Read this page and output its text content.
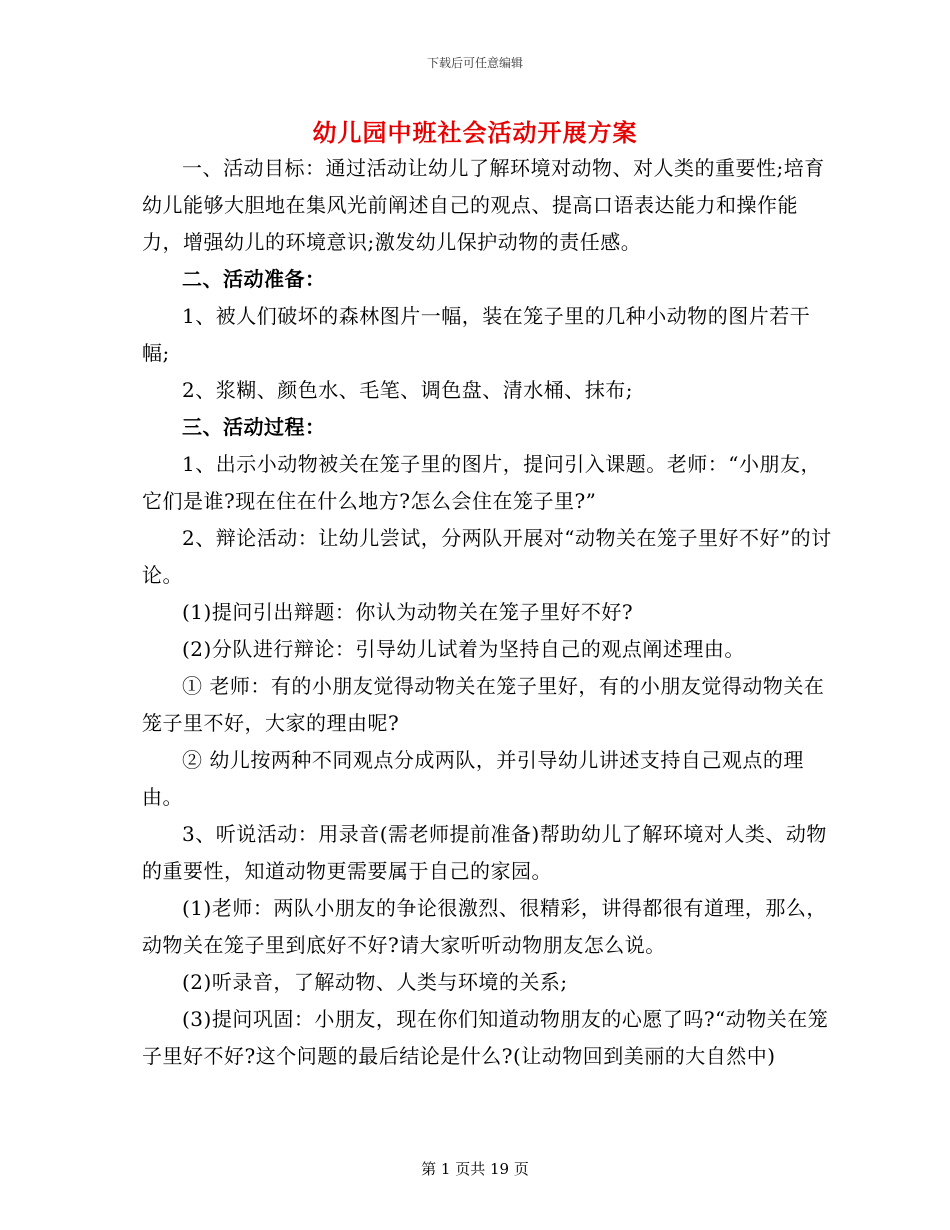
下载后可任意编辑
幼儿园中班社会活动开展方案

一、活动目标：通过活动让幼儿了解环境对动物、对人类的重要性;培育幼儿能够大胆地在集风光前阐述自己的观点、提高口语表达能力和操作能力，增强幼儿的环境意识;激发幼儿保护动物的责任感。

二、活动准备：

1、被人们破坏的森林图片一幅，装在笼子里的几种小动物的图片若干幅;

2、浆糊、颜色水、毛笔、调色盘、清水桶、抹布;

三、活动过程：

1、出示小动物被关在笼子里的图片，提问引入课题。老师：“小朋友，它们是谁?现在住在什么地方?怎么会住在笼子里?”

2、辩论活动：让幼儿尝试，分两队开展对“动物关在笼子里好不好”的讨论。

(1)提问引出辩题：你认为动物关在笼子里好不好?

(2)分队进行辩论：引导幼儿试着为坚持自己的观点阐述理由。

① 老师：有的小朋友觉得动物关在笼子里好，有的小朋友觉得动物关在笼子里不好，大家的理由呢?

② 幼儿按两种不同观点分成两队，并引导幼儿讲述支持自己观点的理由。

3、听说活动：用录音(需老师提前准备)帮助幼儿了解环境对人类、动物的重要性，知道动物更需要属于自己的家园。

(1)老师：两队小朋友的争论很激烈、很精彩，讲得都很有道理，那么，动物关在笼子里到底好不好?请大家听听动物朋友怎么说。

(2)听录音，了解动物、人类与环境的关系;

(3)提问巩固：小朋友，现在你们知道动物朋友的心愿了吗?“动物关在笼子里好不好?这个问题的最后结论是什么?(让动物回到美丽的大自然中)

第 1 页共 19 页
